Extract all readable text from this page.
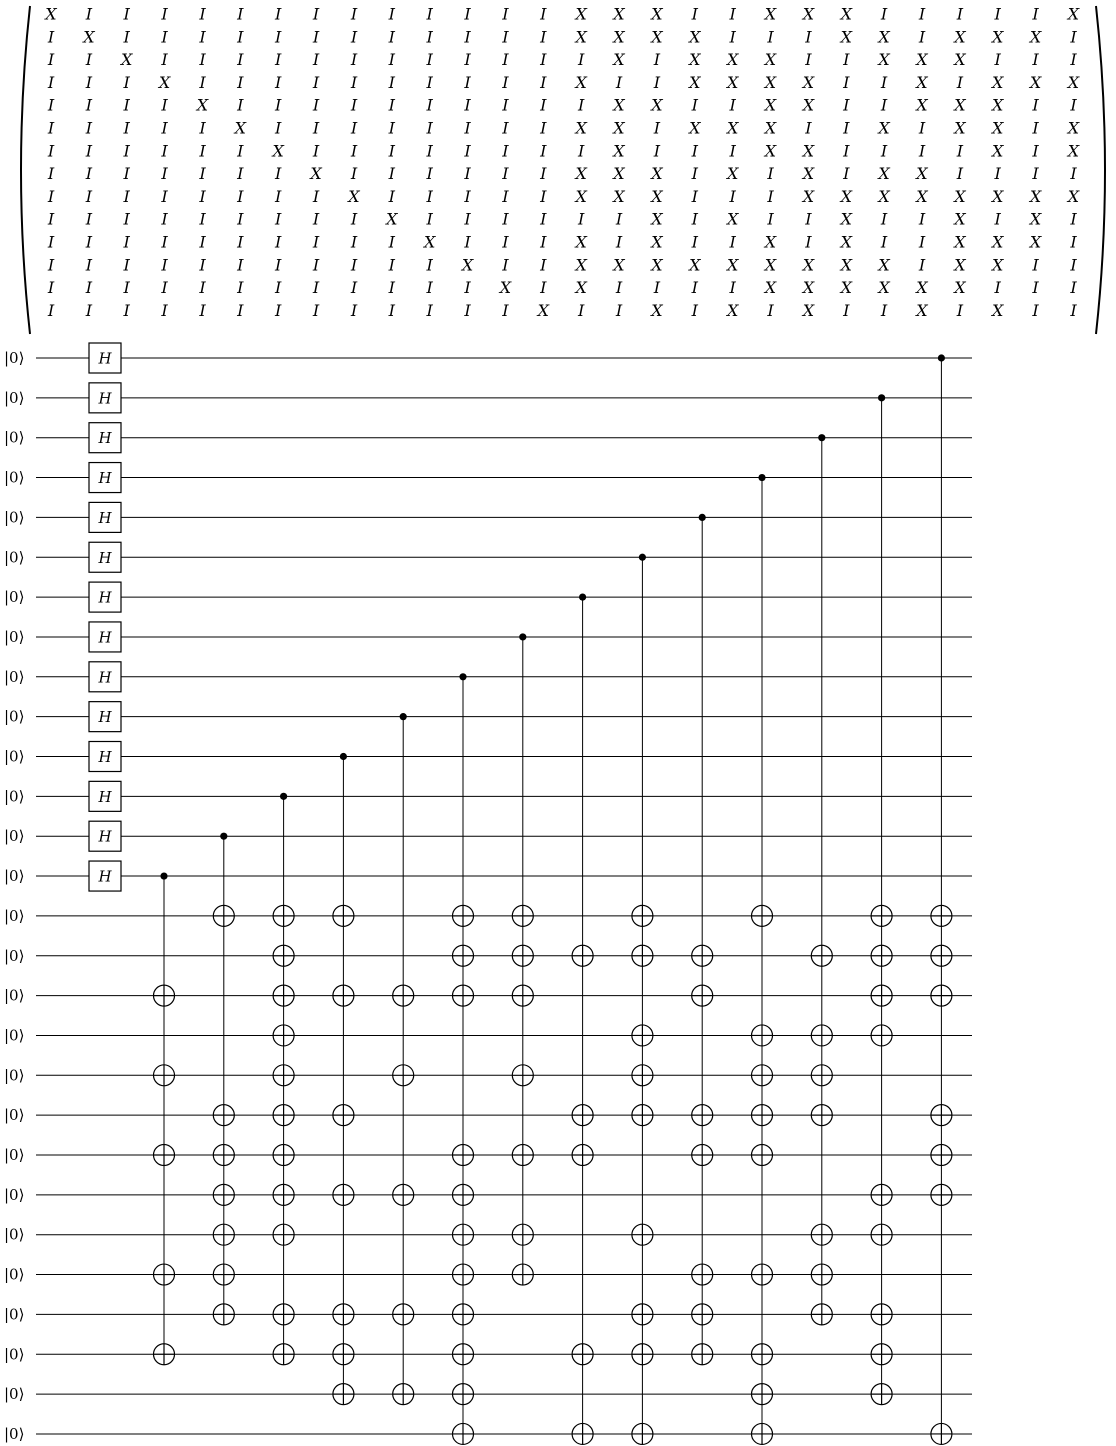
X I I I I I I I I I I I I I X X X I I X X X I I I I I X
I X I I I I I I I I I I I I X X X X I I I X X I X X X I
I I X I I I I I I I I I I I I X I X X X I I X X X I I I
I I I X I I I I I I I I I I X I I X X X X I I X I X X X
I I I I X I I I I I I I I I I X X I I X X I I X X X I I
I I I I I X I I I I I I I I X X I X X X I I X I X X I X
I I I I I I X I I I I I I I I X I I I X X I I I I X I X
I I I I I I I X I I I I I I X X X I X I X I X X I I I I
I I I I I I I I X I I I I I X X X I I I X X X X X X X X
I I I I I I I I I X I I I I I I X I X I I X I I X I X I
I I I I I I I I I I X I I I X I X I I X I X I I X X X I
I I I I I I I I I I I X I I X X X X X X X X X I X X I I
I I I I I I I I I I I I X I X I I I I X X X X X X I I I
I I I I I I I I I I I I I X I I X I X I X I I X I X I I
|0⟩
|0⟩
|0⟩
|0⟩
|0⟩
|0⟩
|0⟩
|0⟩
|0⟩
|0⟩
|0⟩
|0⟩
|0⟩
|0⟩
|0⟩
|0⟩
|0⟩
|0⟩
|0⟩
|0⟩
|0⟩
|0⟩
|0⟩
|0⟩
|0⟩
|0⟩
|0⟩
|0⟩
H
H
H
H
H
H
H
H
H
H
H
H
H
H
